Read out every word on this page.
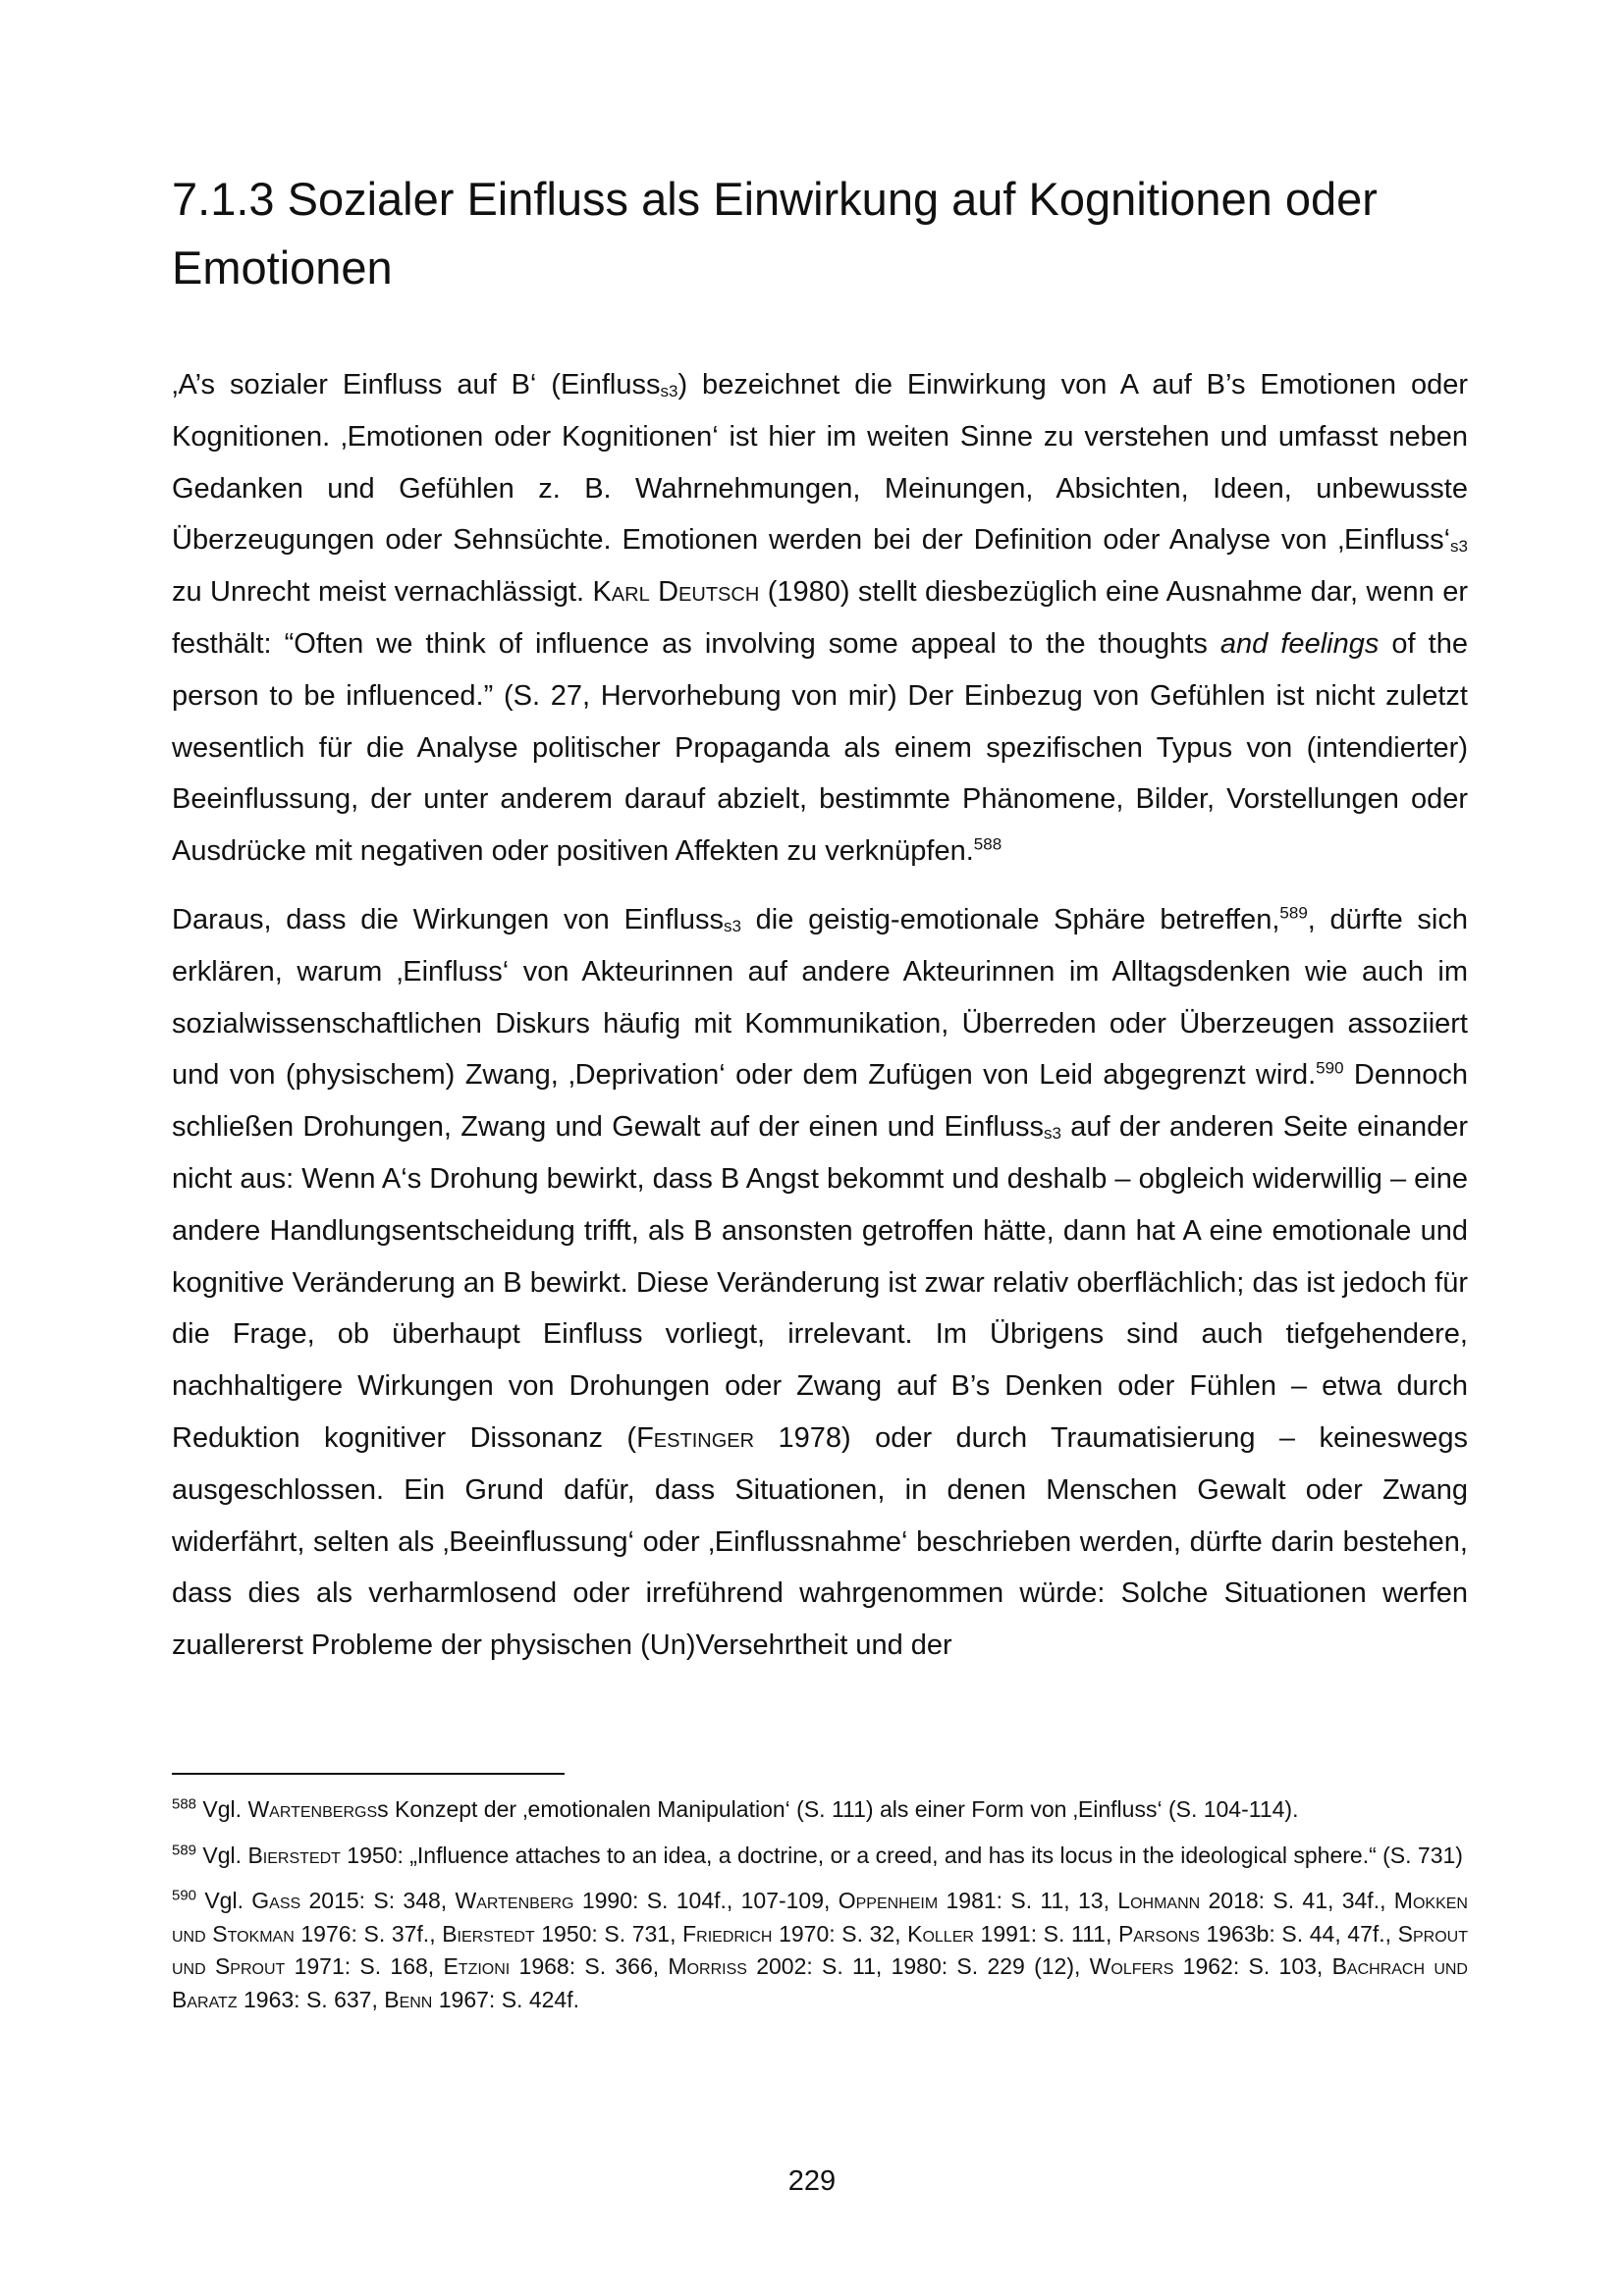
7.1.3 Sozialer Einfluss als Einwirkung auf Kognitionen oder Emotionen

‚A’s sozialer Einfluss auf B‘ (Einflusss3) bezeichnet die Einwirkung von A auf B’s Emotionen oder Kognitionen. ‚Emotionen oder Kognitionen‘ ist hier im weiten Sinne zu verstehen und umfasst neben Gedanken und Gefühlen z. B. Wahrnehmungen, Meinungen, Absichten, Ideen, unbewusste Überzeugungen oder Sehnsüchte. Emotionen werden bei der Definition oder Analyse von ‚Einfluss‘s3 zu Unrecht meist vernachlässigt. Karl Deutsch (1980) stellt diesbezüglich eine Ausnahme dar, wenn er festhält: “Often we think of influence as involving some appeal to the thoughts and feelings of the person to be influenced.” (S. 27, Hervorhebung von mir) Der Einbezug von Gefühlen ist nicht zuletzt wesentlich für die Analyse politischer Propaganda als einem spezifischen Typus von (intendierter) Beeinflussung, der unter anderem darauf abzielt, bestimmte Phänomene, Bilder, Vorstellungen oder Ausdrücke mit negativen oder positiven Affekten zu verknüpfen.$^{588}$

Daraus, dass die Wirkungen von Einflusss3 die geistig-emotionale Sphäre betreffen,$^{589}$, dürfte sich erklären, warum ‚Einfluss‘ von Akteurinnen auf andere Akteurinnen im Alltagsdenken wie auch im sozialwissenschaftlichen Diskurs häufig mit Kommunikation, Überreden oder Überzeugen assoziiert und von (physischem) Zwang, ‚Deprivation‘ oder dem Zufügen von Leid abgegrenzt wird.$^{590}$ Dennoch schließen Drohungen, Zwang und Gewalt auf der einen und Einflusss3 auf der anderen Seite einander nicht aus: Wenn A‘s Drohung bewirkt, dass B Angst bekommt und deshalb – obgleich widerwillig – eine andere Handlungsentscheidung trifft, als B ansonsten getroffen hätte, dann hat A eine emotionale und kognitive Veränderung an B bewirkt. Diese Veränderung ist zwar relativ oberflächlich; das ist jedoch für die Frage, ob überhaupt Einfluss vorliegt, irrelevant. Im Übrigens sind auch tiefgehendere, nachhaltigere Wirkungen von Drohungen oder Zwang auf B’s Denken oder Fühlen – etwa durch Reduktion kognitiver Dissonanz (Festinger 1978) oder durch Traumatisierung – keineswegs ausgeschlossen. Ein Grund dafür, dass Situationen, in denen Menschen Gewalt oder Zwang widerfährt, selten als ‚Beeinflussung‘ oder ‚Einflussnahme‘ beschrieben werden, dürfte darin bestehen, dass dies als verharmlosend oder irreführend wahrgenommen würde: Solche Situationen werfen zuallererst Probleme der physischen (Un)Versehrtheit und der

$^{588}$ Vgl. Wartenbergss Konzept der ‚emotionalen Manipulation‘ (S. 111) als einer Form von ‚Einfluss‘ (S. 104-114).

$^{589}$ Vgl. Bierstedt 1950: „Influence attaches to an idea, a doctrine, or a creed, and has its locus in the ideological sphere.“ (S. 731)

$^{590}$ Vgl. Gass 2015: S: 348, Wartenberg 1990: S. 104f., 107-109, Oppenheim 1981: S. 11, 13, Lohmann 2018: S. 41, 34f., Mokken und Stokman 1976: S. 37f., Bierstedt 1950: S. 731, Friedrich 1970: S. 32, Koller 1991: S. 111, Parsons 1963b: S. 44, 47f., Sprout und Sprout 1971: S. 168, Etzioni 1968: S. 366, Morriss 2002: S. 11, 1980: S. 229 (12), Wolfers 1962: S. 103, Bachrach und Baratz 1963: S. 637, Benn 1967: S. 424f.

229
